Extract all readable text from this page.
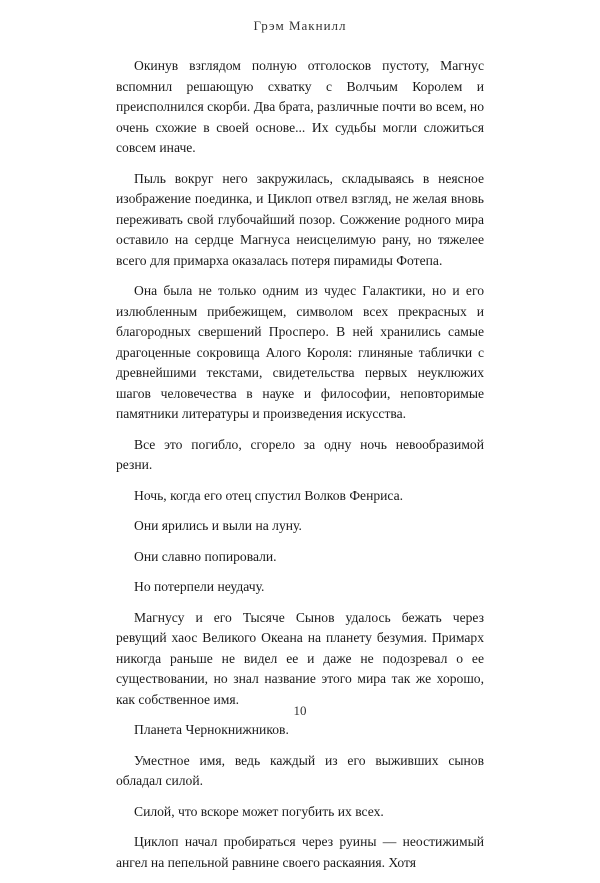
Грэм Макнилл

Окинув взглядом полную отголосков пустоту, Магнус вспомнил решающую схватку с Волчьим Королем и преисполнился скорби. Два брата, различные почти во всем, но очень схожие в своей основе... Их судьбы могли сложиться совсем иначе.

Пыль вокруг него закружилась, складываясь в неясное изображение поединка, и Циклоп отвел взгляд, не желая вновь переживать свой глубочайший позор. Сожжение родного мира оставило на сердце Магнуса неисцелимую рану, но тяжелее всего для примарха оказалась потеря пирамиды Фотепа.

Она была не только одним из чудес Галактики, но и его излюбленным прибежищем, символом всех прекрасных и благородных свершений Просперо. В ней хранились самые драгоценные сокровища Алого Короля: глиняные таблички с древнейшими текстами, свидетельства первых неуклюжих шагов человечества в науке и философии, неповторимые памятники литературы и произведения искусства.

Все это погибло, сгорело за одну ночь невообразимой резни.

Ночь, когда его отец спустил Волков Фенриса.

Они ярились и выли на луну.

Они славно попировали.

Но потерпели неудачу.

Магнусу и его Тысяче Сынов удалось бежать через ревущий хаос Великого Океана на планету безумия. Примарх никогда раньше не видел ее и даже не подозревал о ее существовании, но знал название этого мира так же хорошо, как собственное имя.

Планета Чернокнижников.

Уместное имя, ведь каждый из его выживших сынов обладал силой.

Силой, что вскоре может погубить их всех.

Циклоп начал пробираться через руины — неостижимый ангел на пепельной равнине своего раскаяния. Хотя

10
